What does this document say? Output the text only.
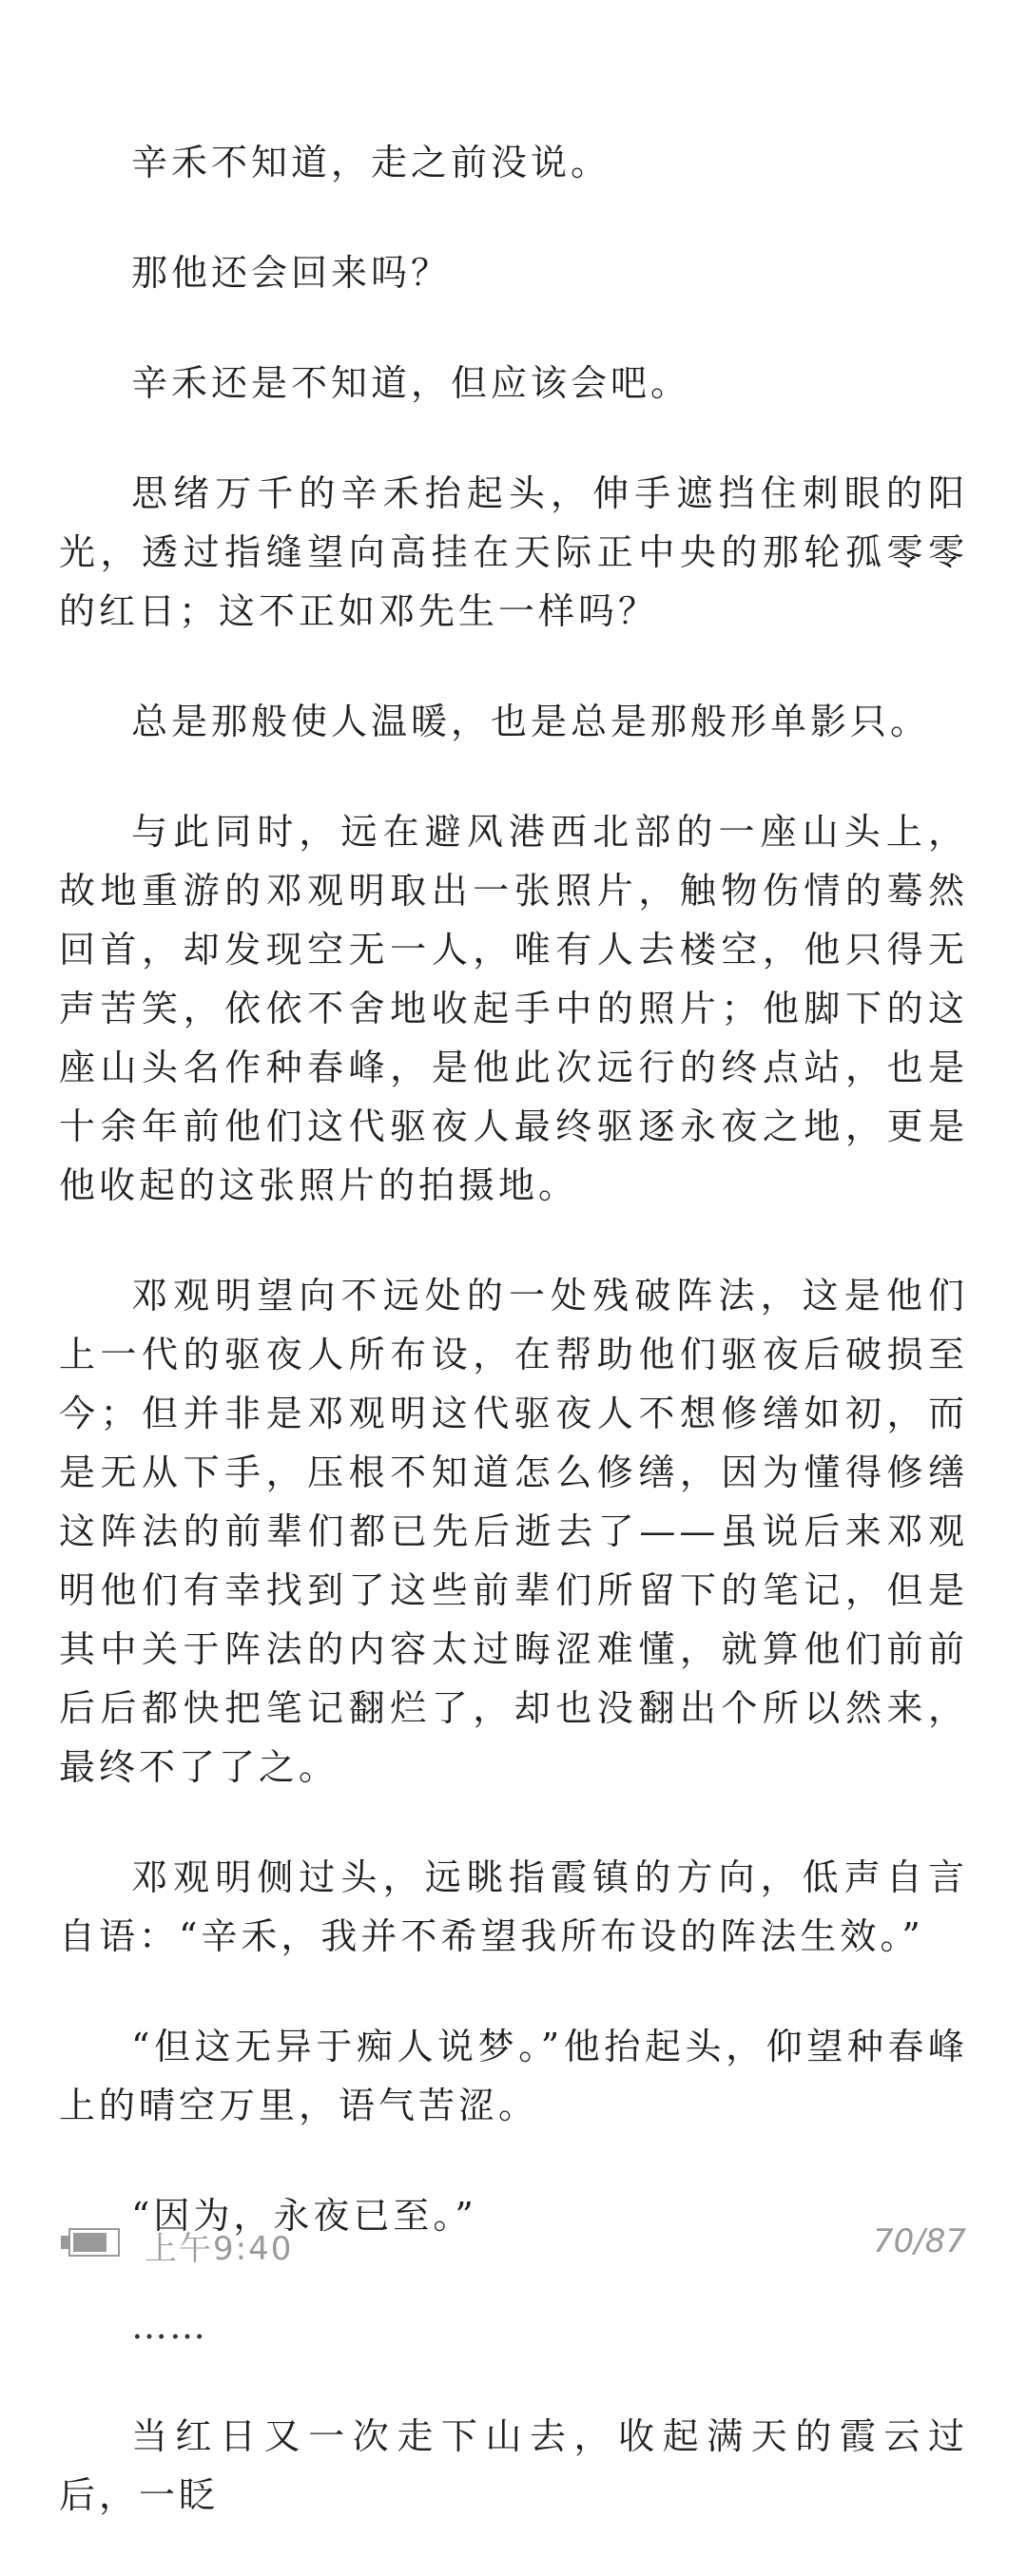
辛禾不知道，走之前没说。

那他还会回来吗？

辛禾还是不知道，但应该会吧。

思绪万千的辛禾抬起头，伸手遮挡住刺眼的阳光，透过指缝望向高挂在天际正中央的那轮孤零零的红日；这不正如邓先生一样吗？

总是那般使人温暖，也是总是那般形单影只。

与此同时，远在避风港西北部的一座山头上，故地重游的邓观明取出一张照片，触物伤情的蓦然回首，却发现空无一人，唯有人去楼空，他只得无声苦笑，依依不舍地收起手中的照片；他脚下的这座山头名作种春峰，是他此次远行的终点站，也是十余年前他们这代驱夜人最终驱逐永夜之地，更是他收起的这张照片的拍摄地。

邓观明望向不远处的一处残破阵法，这是他们上一代的驱夜人所布设，在帮助他们驱夜后破损至今；但并非是邓观明这代驱夜人不想修缮如初，而是无从下手，压根不知道怎么修缮，因为懂得修缮这阵法的前辈们都已先后逝去了——虽说后来邓观明他们有幸找到了这些前辈们所留下的笔记，但是其中关于阵法的内容太过晦涩难懂，就算他们前前后后都快把笔记翻烂了，却也没翻出个所以然来，最终不了了之。

邓观明侧过头，远眺指霞镇的方向，低声自言自语：“辛禾，我并不希望我所布设的阵法生效。”

“但这无异于痴人说梦。”他抬起头，仰望种春峰上的晴空万里，语气苦涩。

“因为，永夜已至。”

……

当红日又一次走下山去，收起满天的霞云过后，一眨

上午9:40	70/87
